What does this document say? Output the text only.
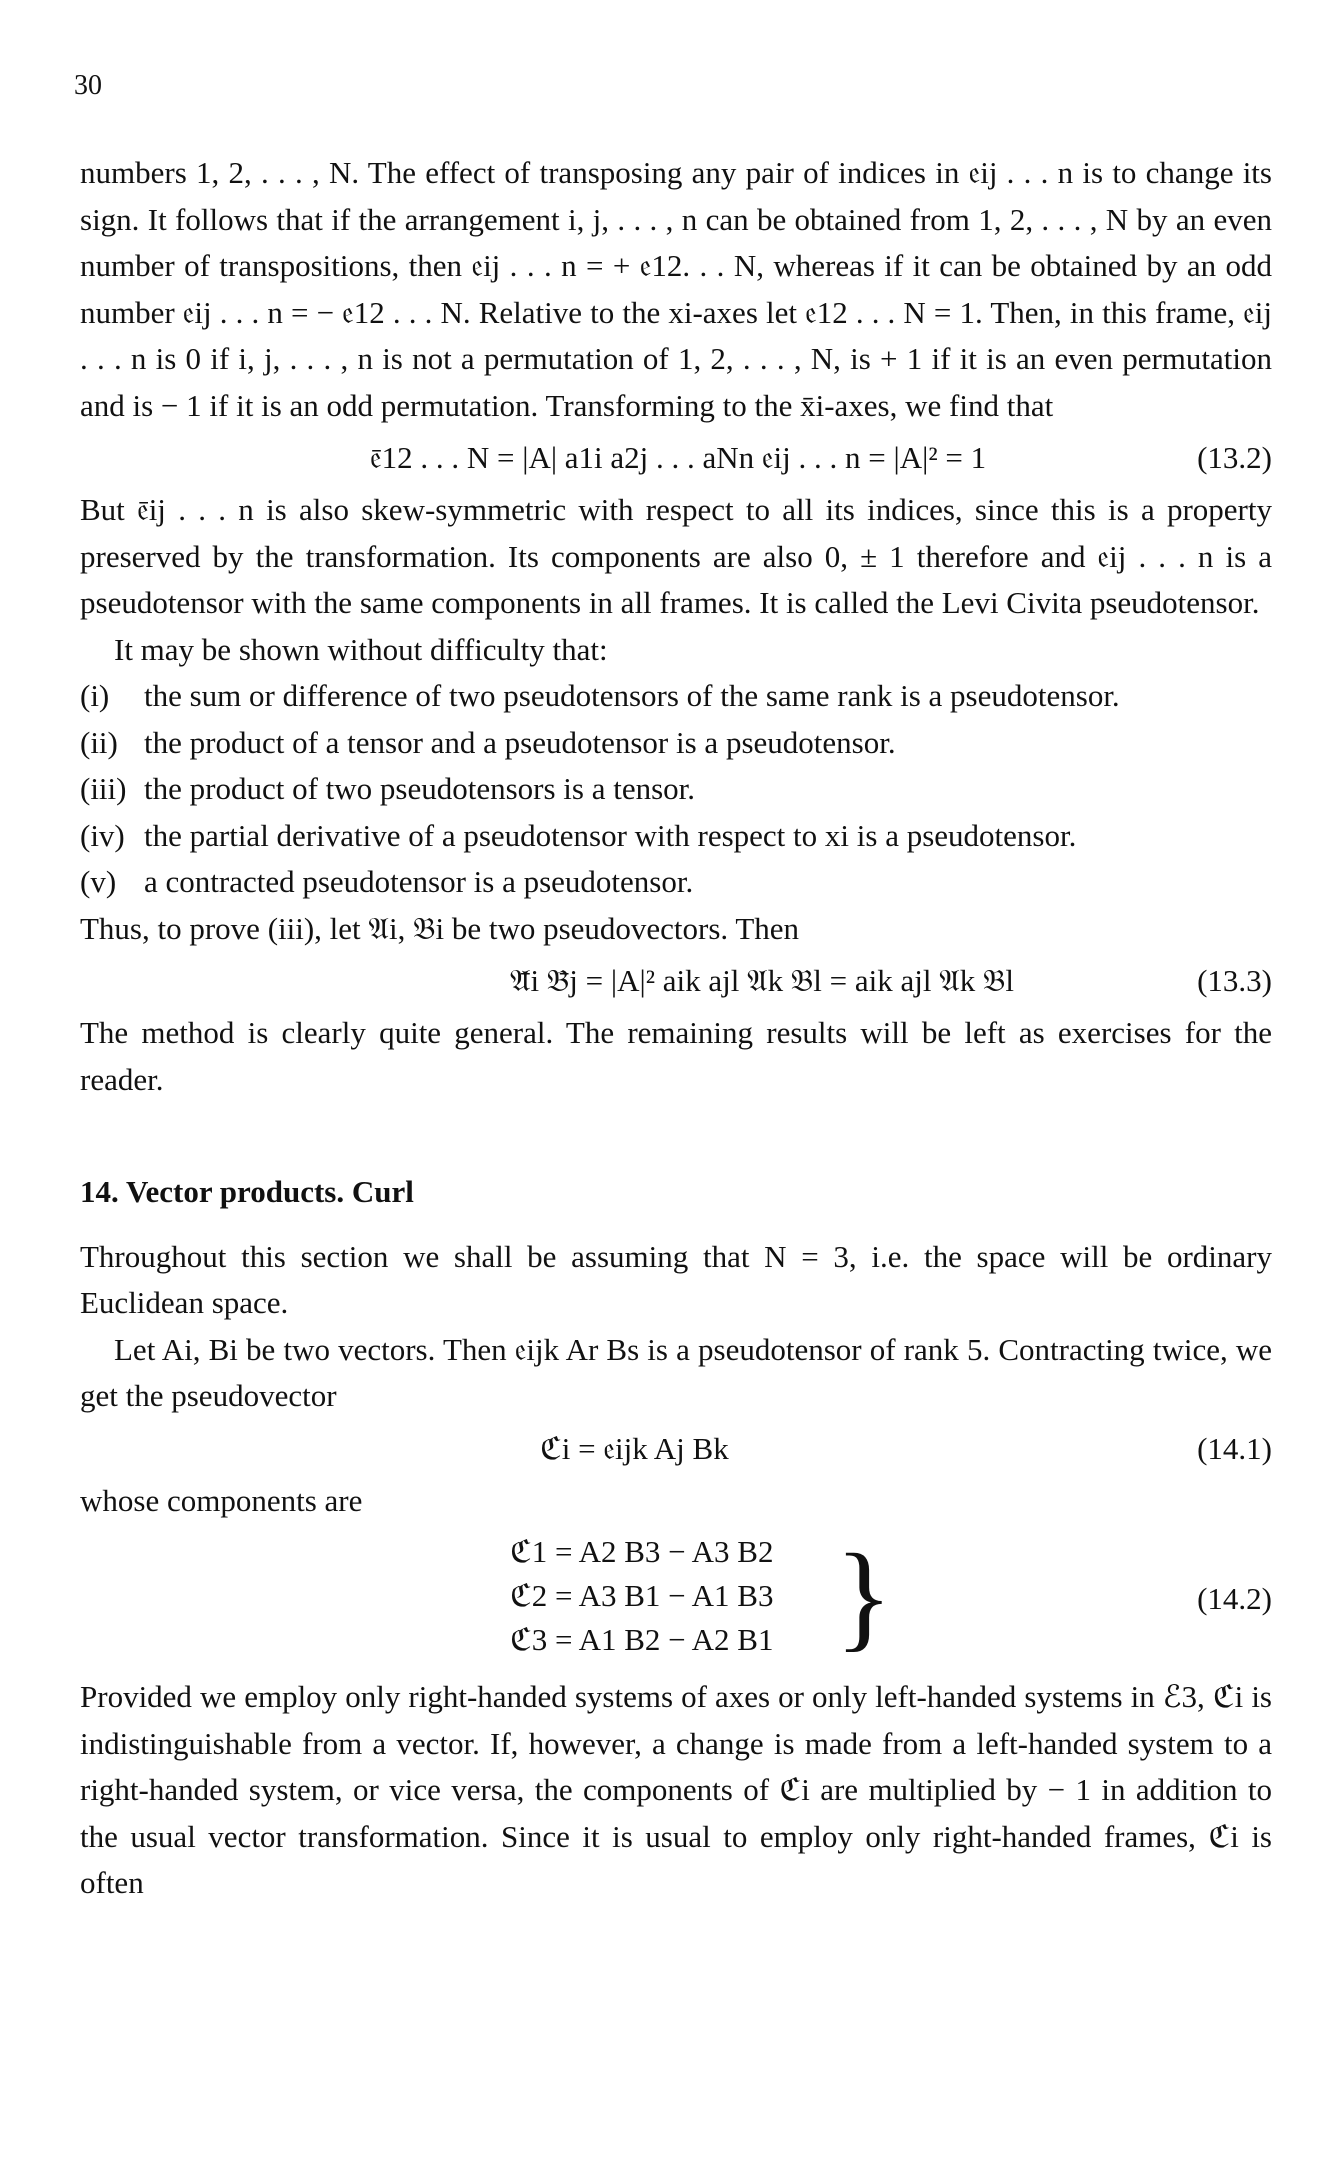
30

numbers 1, 2, . . . , N. The effect of transposing any pair of indices in 𝔢ij . . . n is to change its sign. It follows that if the arrangement i, j, . . . , n can be obtained from 1, 2, . . . , N by an even number of transpositions, then 𝔢ij . . . n = + 𝔢12. . . N, whereas if it can be obtained by an odd number 𝔢ij . . . n = − 𝔢12 . . . N. Relative to the xi-axes let 𝔢12 . . . N = 1. Then, in this frame, 𝔢ij . . . n is 0 if i, j, . . . , n is not a permutation of 1, 2, . . . , N, is + 1 if it is an even permutation and is − 1 if it is an odd permutation. Transforming to the x̄i-axes, we find that

𝔢̄12 . . . N = |A| a1i a2j . . . aNn 𝔢ij . . . n = |A|² = 1	(13.2)

But 𝔢̄ij . . . n is also skew-symmetric with respect to all its indices, since this is a property preserved by the transformation. Its components are also 0, ± 1 therefore and 𝔢ij . . . n is a pseudotensor with the same components in all frames. It is called the Levi Civita pseudotensor.

It may be shown without difficulty that:

(i) the sum or difference of two pseudotensors of the same rank is a pseudotensor.
(ii) the product of a tensor and a pseudotensor is a pseudotensor.
(iii) the product of two pseudotensors is a tensor.
(iv) the partial derivative of a pseudotensor with respect to xi is a pseudotensor.
(v) a contracted pseudotensor is a pseudotensor.

Thus, to prove (iii), let 𝔄i, 𝔅i be two pseudovectors. Then

𝔄̄i 𝔅̄j = |A|² aik ajl 𝔄k 𝔅l = aik ajl 𝔄k 𝔅l	(13.3)

The method is clearly quite general. The remaining results will be left as exercises for the reader.

14. Vector products. Curl

Throughout this section we shall be assuming that N = 3, i.e. the space will be ordinary Euclidean space.

Let Ai, Bi be two vectors. Then 𝔢ijk Ar Bs is a pseudotensor of rank 5. Contracting twice, we get the pseudovector

ℭi = 𝔢ijk Aj Bk	(14.1)

whose components are

ℭ1 = A2 B3 − A3 B2
ℭ2 = A3 B1 − A1 B3
ℭ3 = A1 B2 − A2 B1 }	(14.2)

Provided we employ only right-handed systems of axes or only left-handed systems in ℰ3, ℭi is indistinguishable from a vector. If, however, a change is made from a left-handed system to a right-handed system, or vice versa, the components of ℭi are multiplied by − 1 in addition to the usual vector transformation. Since it is usual to employ only right-handed frames, ℭi is often
